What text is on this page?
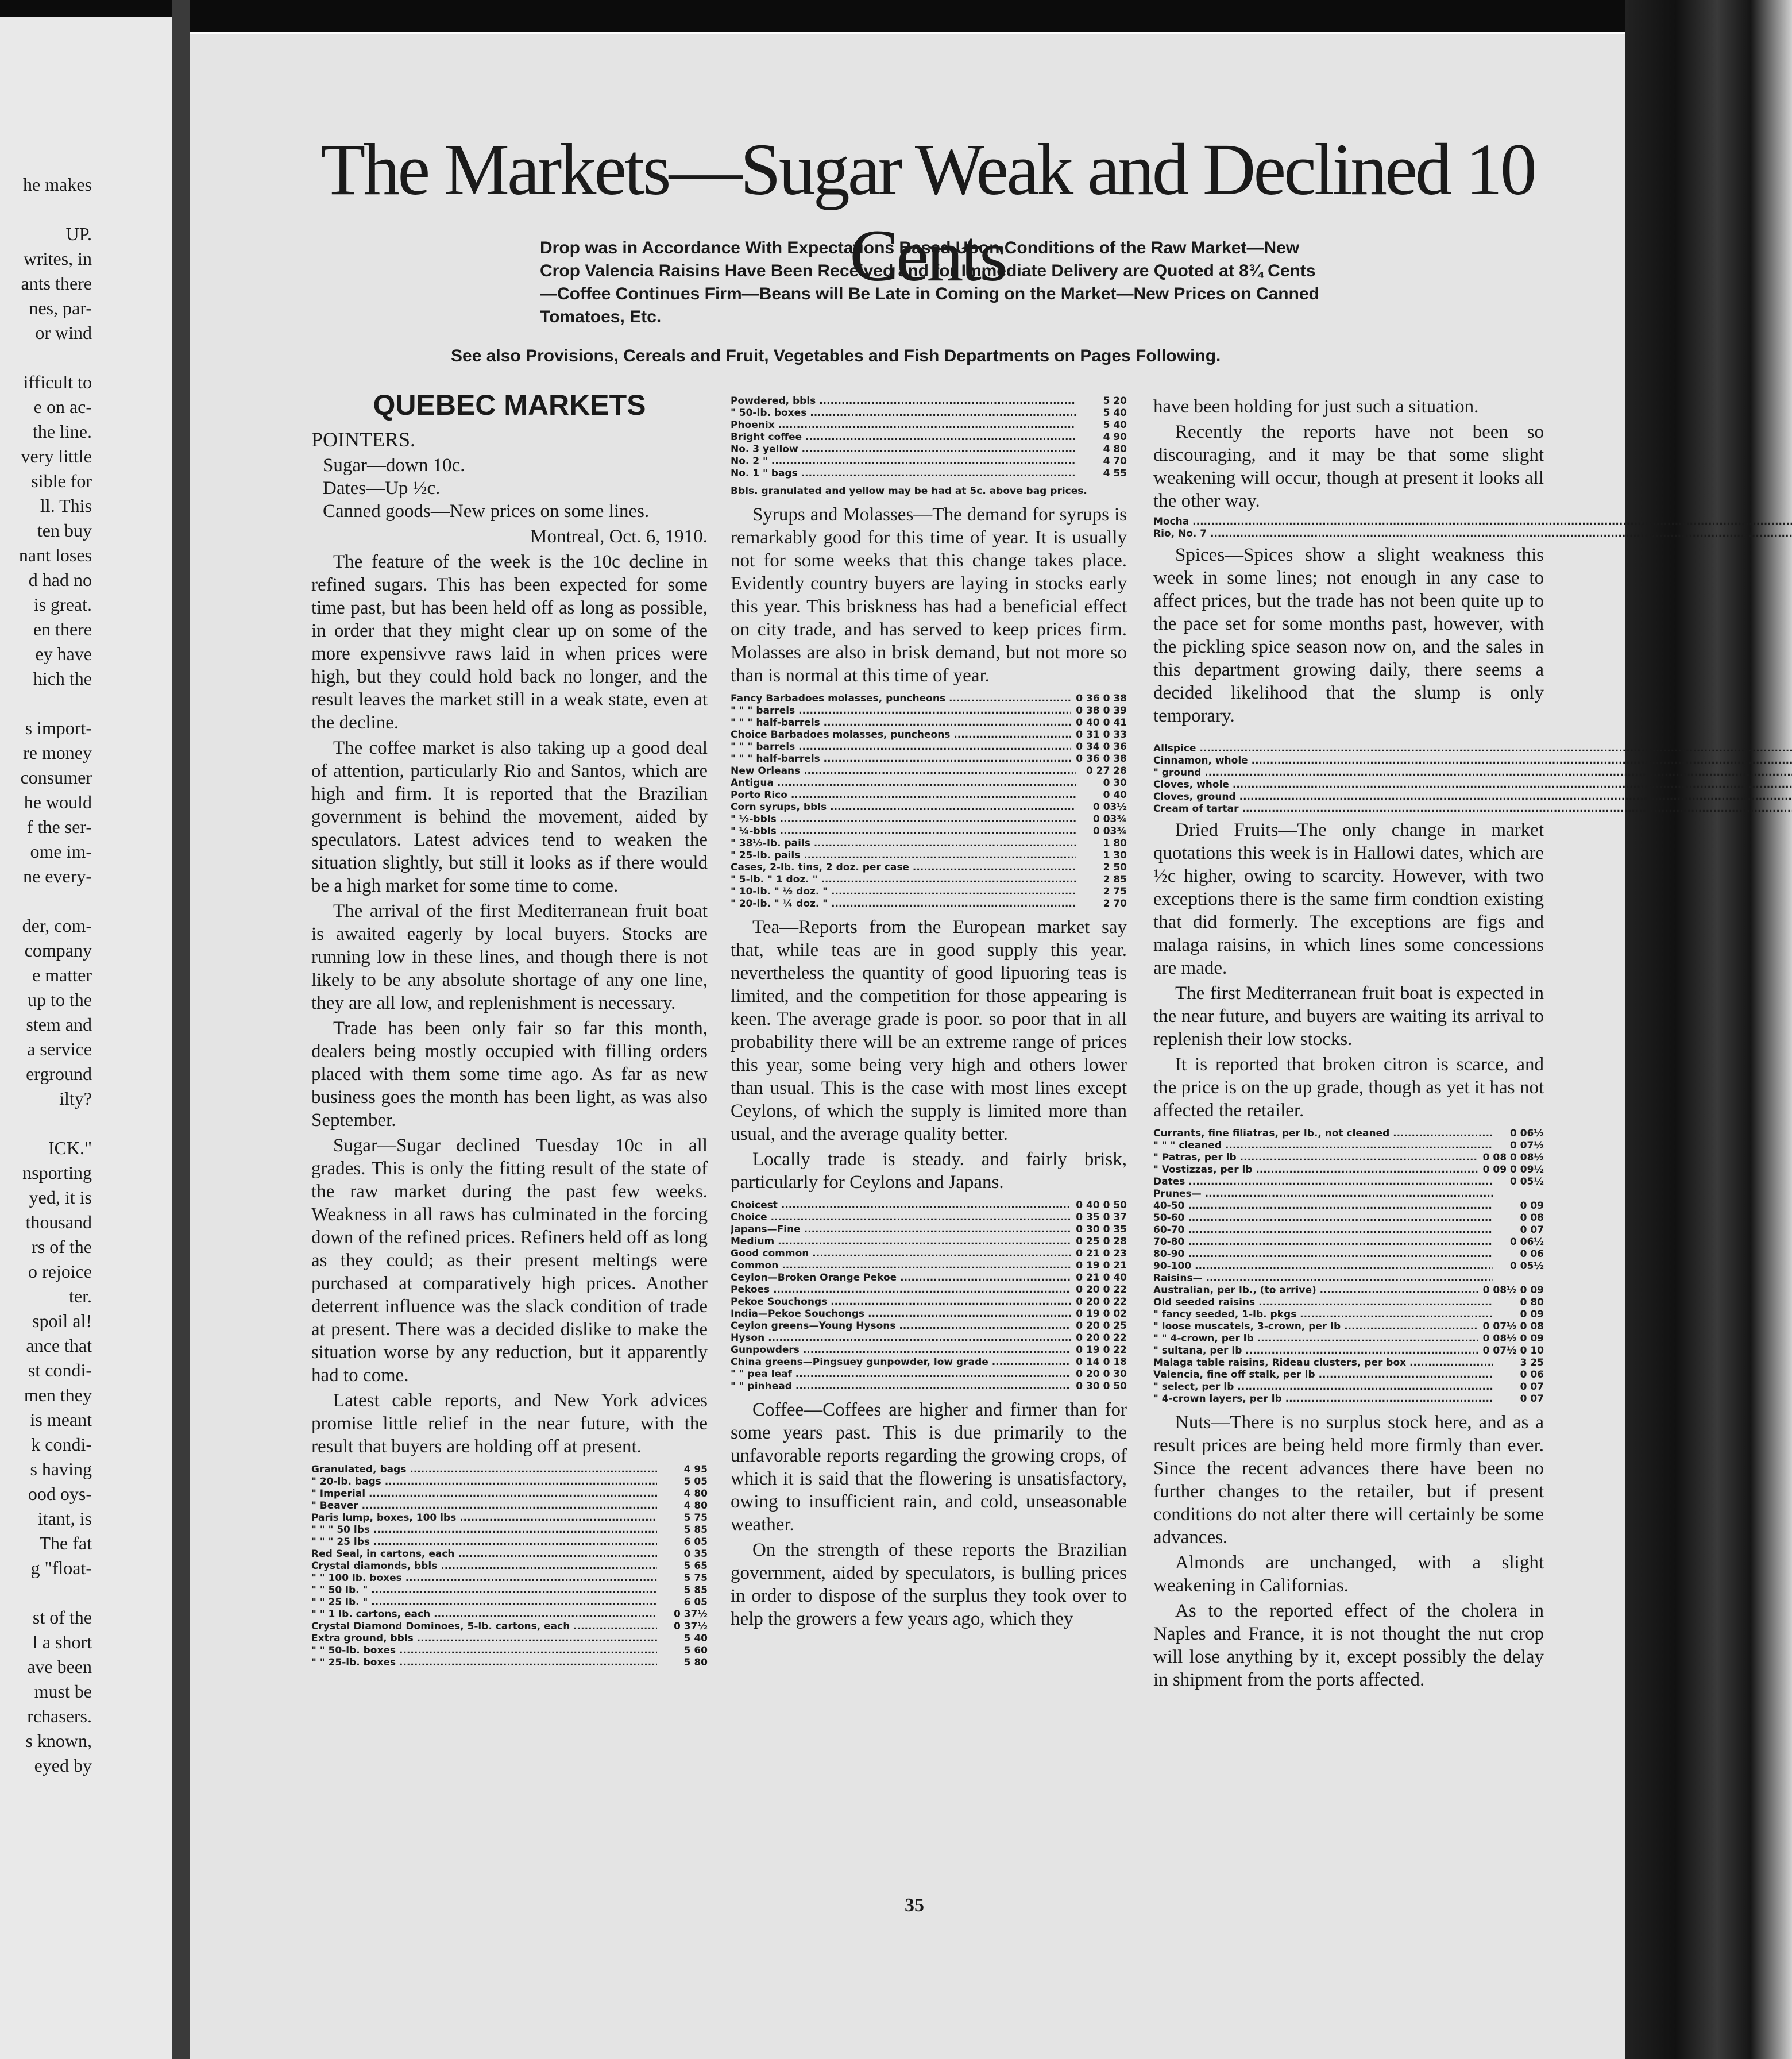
he makes
UP.
writes, in
ants there
nes, par-
or wind
ifficult to
e on ac-
the line.
very little
sible for
ll. This
ten buy
nant loses
d had no
is great.
en there
ey have
hich the
s import-
re money
consumer
he would
f the ser-
ome im-
ne every-
der, com-
company
e matter
up to the
stem and
a service
erground
ilty?
ICK."
nsporting
yed, it is
thousand
rs of the
o rejoice
ter.
spoil al!
ance that
st condi-
men they
is meant
k condi-
s having
ood oys-
itant, is
The fat
g "float-
st of the
l a short
ave been
must be
rchasers.
s known,
eyed by
The Markets—Sugar Weak and Declined 10 Cents

Drop was in Accordance With Expectations Based Upon Conditions of the Raw Market—New Crop Valencia Raisins Have Been Received and for Immediate Delivery are Quoted at 8¾ Cents—Coffee Continues Firm—Beans will Be Late in Coming on the Market—New Prices on Canned Tomatoes, Etc.

See also Provisions, Cereals and Fruit, Vegetables and Fish Departments on Pages Following.
QUEBEC MARKETS

POINTERS.

Sugar—down 10c.

Dates—Up ½c.

Canned goods—New prices on some lines.

Montreal, Oct. 6, 1910.

The feature of the week is the 10c decline in refined sugars. This has been expected for some time past, but has been held off as long as possible, in order that they might clear up on some of the more expensivve raws laid in when prices were high, but they could hold back no longer, and the result leaves the market still in a weak state, even at the decline.

The coffee market is also taking up a good deal of attention, particularly Rio and Santos, which are high and firm. It is reported that the Brazilian government is behind the movement, aided by speculators. Latest advices tend to weaken the situation slightly, but still it looks as if there would be a high market for some time to come.

The arrival of the first Mediterranean fruit boat is awaited eagerly by local buyers. Stocks are running low in these lines, and though there is not likely to be any absolute shortage of any one line, they are all low, and replenishment is necessary.

Trade has been only fair so far this month, dealers being mostly occupied with filling orders placed with them some time ago. As far as new business goes the month has been light, as was also September.

Sugar—Sugar declined Tuesday 10c in all grades. This is only the fitting result of the state of the raw market during the past few weeks. Weakness in all raws has culminated in the forcing down of the refined prices. Refiners held off as long as they could; as their present meltings were purchased at comparatively high prices. Another deterrent influence was the slack condition of trade at present. There was a decided dislike to make the situation worse by any reduction, but it apparently had to come.

Latest cable reports, and New York advices promise little relief in the near future, with the result that buyers are holding off at present.

Granulated, bags .....	4 95
" 20-lb. bags .....	5 05
" Imperial .....	4 80
" Beaver .....	4 80
Paris lump, boxes, 100 lbs .....	5 75
" " " 50 lbs .....	5 85
" " " 25 lbs .....	6 05
Red Seal, in cartons, each .....	0 35
Crystal diamonds, bbls .....	5 65
" " 100 lb. boxes .....	5 75
" " 50 lb. " .....	5 85
" " 25 lb. " .....	6 05
" " 1 lb. cartons, each .....	0 37½
Crystal Diamond Dominoes, 5-lb. cartons, each .....	0 37½
Extra ground, bbls .....	5 40
" " 50-lb. boxes .....	5 60
" " 25-lb. boxes .....	5 80
Powdered, bbls .....	5 20
" 50-lb. boxes .....	5 40
Phoenix .....	5 40
Bright coffee .....	4 90
No. 3 yellow .....	4 80
No. 2 " .....	4 70
No. 1 " bags .....	4 55
Bbls. granulated and yellow may be had at 5c. above bag prices.

Syrups and Molasses—The demand for syrups is remarkably good for this time of year. It is usually not for some weeks that this change takes place. Evidently country buyers are laying in stocks early this year. This briskness has had a beneficial effect on city trade, and has served to keep prices firm. Molasses are also in brisk demand, but not more so than is normal at this time of year.

Fancy Barbadoes molasses, puncheons .....	0 36 0 38
" " " barrels .....	0 38 0 39
" " " half-barrels .....	0 40 0 41
Choice Barbadoes molasses, puncheons .....	0 31 0 33
" " " barrels .....	0 34 0 36
" " " half-barrels .....	0 36 0 38
New Orleans .....	0 27 28
Antigua .....	0 30
Porto Rico .....	0 40
Corn syrups, bbls .....	0 03½
" ½-bbls .....	0 03¾
" ¼-bbls .....	0 03¾
" 38½-lb. pails .....	1 80
" 25-lb. pails .....	1 30
Cases, 2-lb. tins, 2 doz. per case .....	2 50
" 5-lb. " 1 doz. " .....	2 85
" 10-lb. " ½ doz. " .....	2 75
" 20-lb. " ¼ doz. " .....	2 70

Tea—Reports from the European market say that, while teas are in good supply this year. nevertheless the quantity of good lipuoring teas is limited, and the competition for those appearing is keen. The average grade is poor. so poor that in all probability there will be an extreme range of prices this year, some being very high and others lower than usual. This is the case with most lines except Ceylons, of which the supply is limited more than usual, and the average quality better.

Locally trade is steady. and fairly brisk, particularly for Ceylons and Japans.

Choicest .....	0 40 0 50
Choice .....	0 35 0 37
Japans—Fine .....	0 30 0 35
Medium .....	0 25 0 28
Good common .....	0 21 0 23
Common .....	0 19 0 21
Ceylon—Broken Orange Pekoe .....	0 21 0 40
Pekoes .....	0 20 0 22
Pekoe Souchongs .....	0 20 0 22
India—Pekoe Souchongs .....	0 19 0 02
Ceylon greens—Young Hysons .....	0 20 0 25
Hyson .....	0 20 0 22
Gunpowders .....	0 19 0 22
China greens—Pingsuey gunpowder, low grade .....	0 14 0 18
" " pea leaf .....	0 20 0 30
" " pinhead .....	0 30 0 50

Coffee—Coffees are higher and firmer than for some years past. This is due primarily to the unfavorable reports regarding the growing crops, of which it is said that the flowering is unsatisfactory, owing to insufficient rain, and cold, unseasonable weather.

On the strength of these reports the Brazilian government, aided by speculators, is bulling prices in order to dispose of the surplus they took over to help the growers a few years ago, which they

have been holding for just such a situation.

Recently the reports have not been so discouraging, and it may be that some slight weakening will occur, though at present it looks all the other way.

Mocha .....
Rio, No. 7 .....

Spices—Spices show a slight weakness this week in some lines; not enough in any case to affect prices, but the trade has not been quite up to the pace set for some months past, however, with the pickling spice season now on, and the sales in this department growing daily, there seems a decided likelihood that the slump is only temporary.

Allspice .....
Cinnamon, whole .....
" ground .....
Cloves, whole .....
Cloves, ground .....
Cream of tartar .....

Dried Fruits—The only change in market quotations this week is in Hallowi dates, which are ½c higher, owing to scarcity. However, with two exceptions there is the same firm condtion existing that did formerly. The exceptions are figs and malaga raisins, in which lines some concessions are made.

The first Mediterranean fruit boat is expected in the near future, and buyers are waiting its arrival to replenish their low stocks.

It is reported that broken citron is scarce, and the price is on the up grade, though as yet it has not affected the retailer.

Currants, fine filiatras, per lb., not cleaned .....	0 06½
" " " cleaned .....	0 07½
" Patras, per lb .....	0 08 0 08½
" Vostizzas, per lb .....	0 09 0 09½
Dates .....	0 05½
Prunes— .....
40-50 .....	0 09
50-60 .....	0 08
60-70 .....	0 07
70-80 .....	0 06½
80-90 .....	0 06
90-100 .....	0 05½
Raisins— .....
Australian, per lb., (to arrive) .....	0 08½ 0 09
Old seeded raisins .....	0 80
" fancy seeded, 1-lb. pkgs .....	0 09
" loose muscatels, 3-crown, per lb .....	0 07½ 0 08
" " 4-crown, per lb .....	0 08½ 0 09
" sultana, per lb .....	0 07½ 0 10
Malaga table raisins, Rideau clusters, per box .....	3 25
Valencia, fine off stalk, per lb .....	0 06
" select, per lb .....	0 07
" 4-crown layers, per lb .....	0 07

Nuts—There is no surplus stock here, and as a result prices are being held more firmly than ever. Since the recent advances there have been no further changes to the retailer, but if present conditions do not alter there will certainly be some advances.

Almonds are unchanged, with a slight weakening in Californias.

As to the reported effect of the cholera in Naples and France, it is not thought the nut crop will lose anything by it, except possibly the delay in shipment from the ports affected.

35
